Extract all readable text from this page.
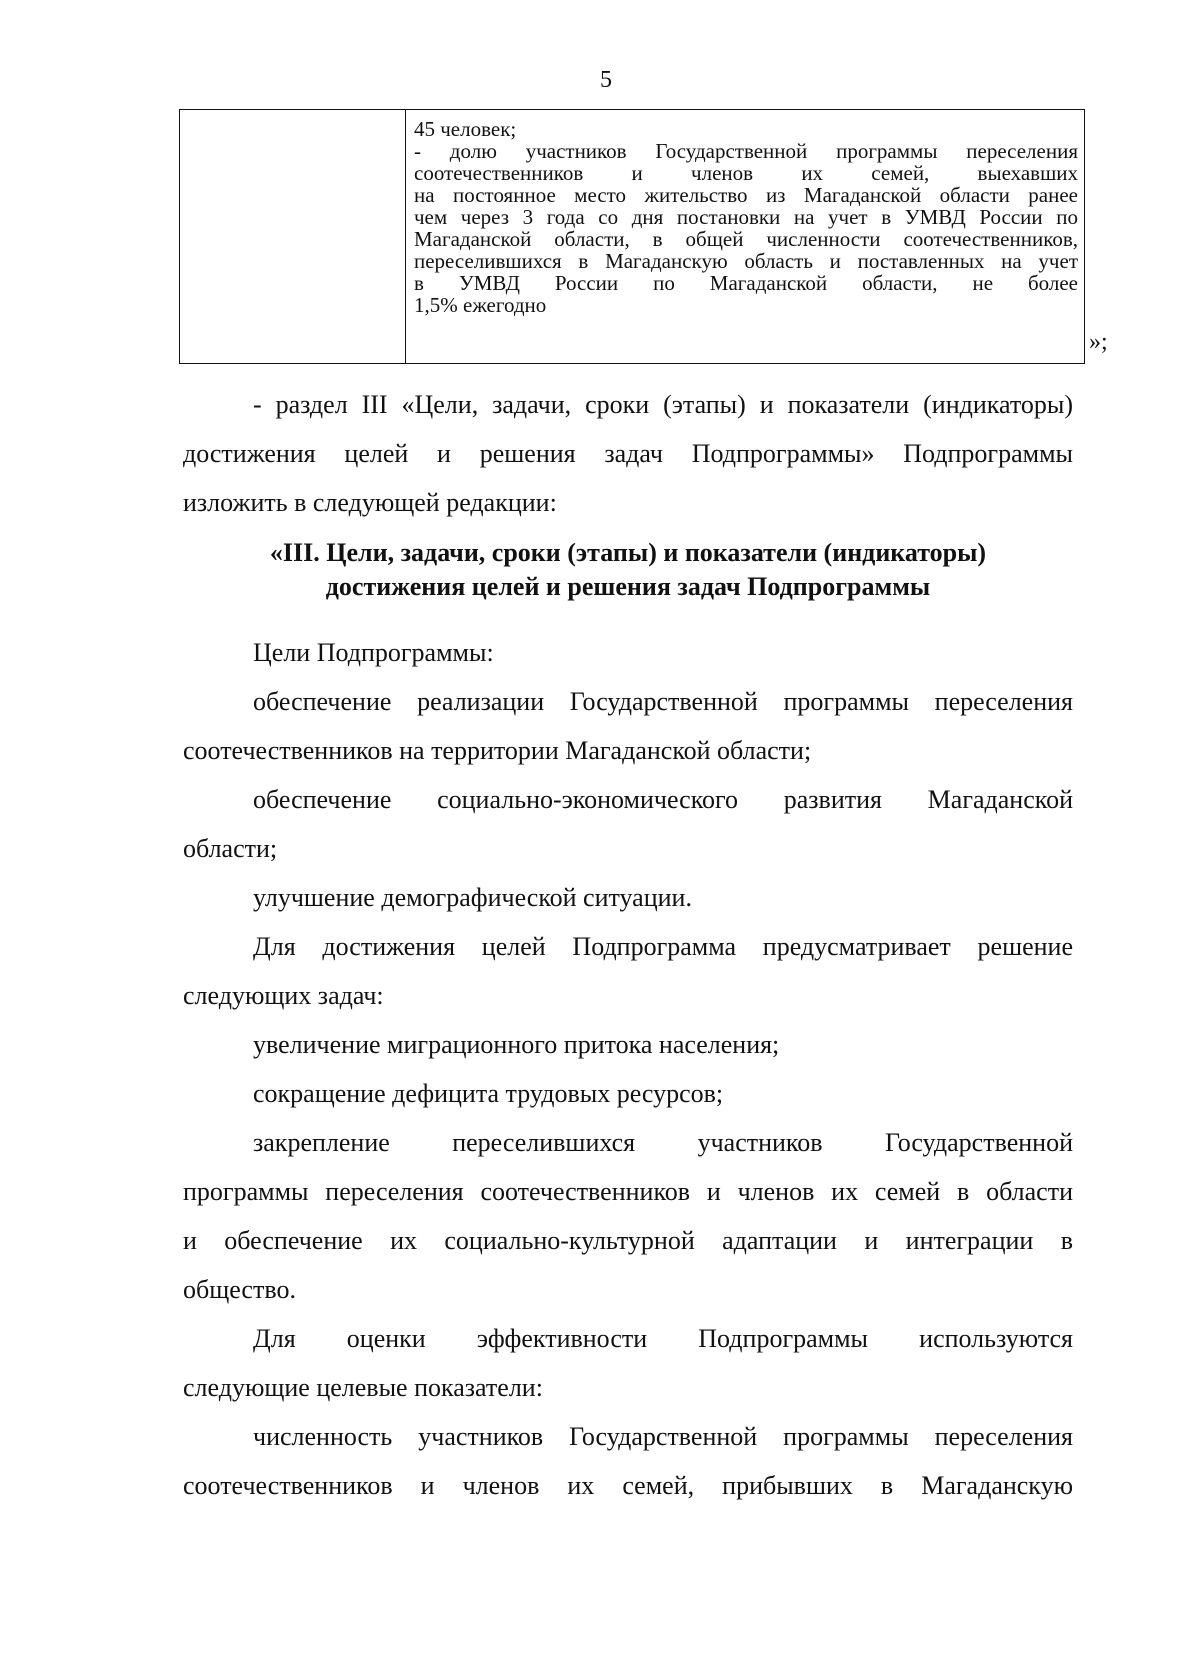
5
45 человек;
- долю участников Государственной программы переселения
соотечественников и членов их семей, выехавших
на постоянное место жительство из Магаданской области ранее
чем через 3 года со дня постановки на учет в УМВД России по
Магаданской области, в общей численности соотечественников,
переселившихся в Магаданскую область и поставленных на учет
в УМВД России по Магаданской области, не более
1,5% ежегодно
»;
- раздел III «Цели, задачи, сроки (этапы) и показатели (индикаторы)
достижения целей и решения задач Подпрограммы» Подпрограммы
изложить в следующей редакции:
«III. Цели, задачи, сроки (этапы) и показатели (индикаторы)
достижения целей и решения задач Подпрограммы
Цели Подпрограммы:
обеспечение реализации Государственной программы переселения
соотечественников на территории Магаданской области;
обеспечение социально-экономического развития Магаданской
области;
улучшение демографической ситуации.
Для достижения целей Подпрограмма предусматривает решение
следующих задач:
увеличение миграционного притока населения;
сокращение дефицита трудовых ресурсов;
закрепление переселившихся участников Государственной
программы переселения соотечественников и членов их семей в области
и обеспечение их социально-культурной адаптации и интеграции в
общество.
Для оценки эффективности Подпрограммы используются
следующие целевые показатели:
численность участников Государственной программы переселения
соотечественников и членов их семей, прибывших в Магаданскую
